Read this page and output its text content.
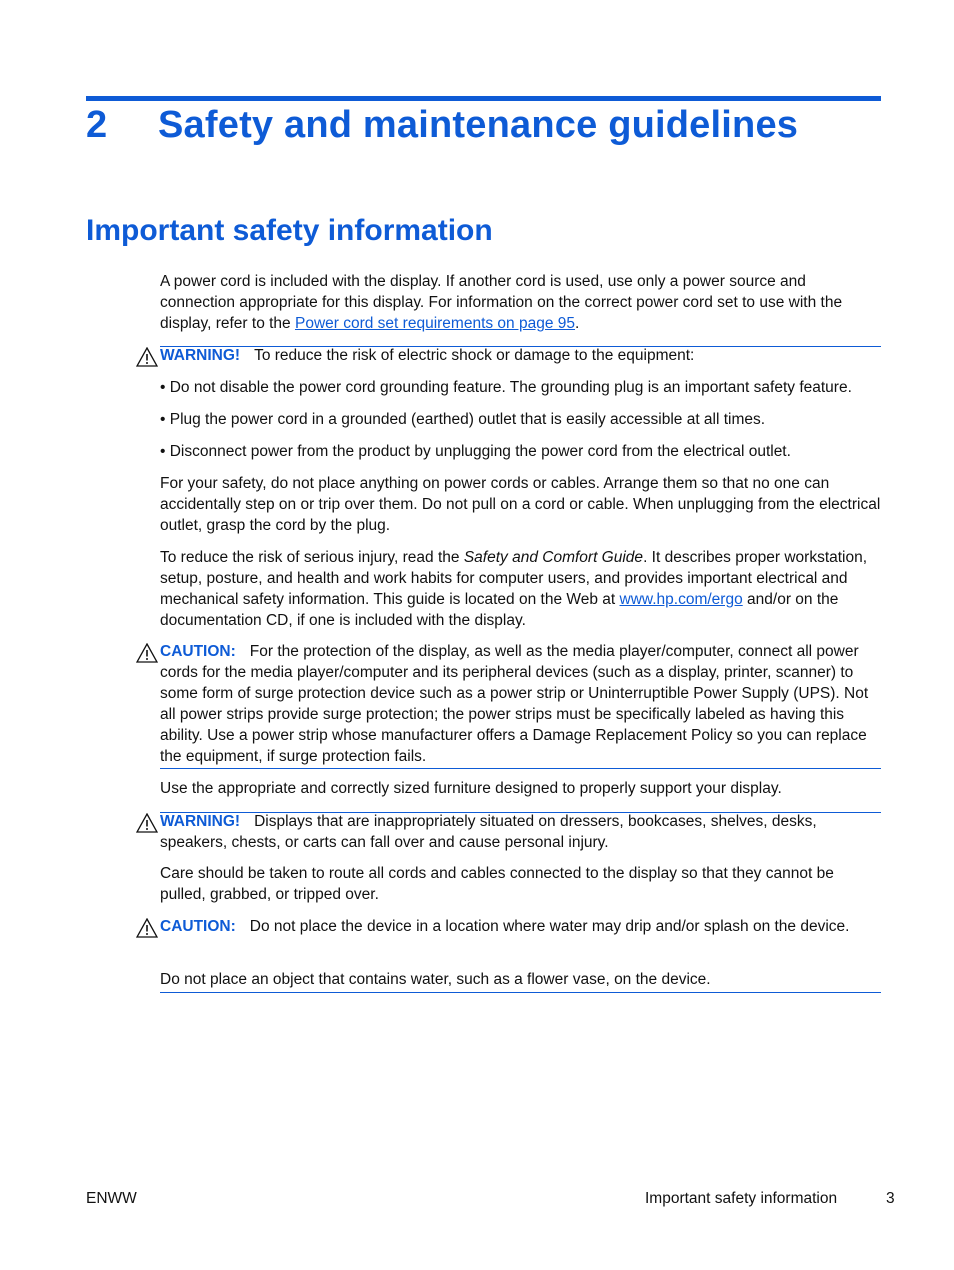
2 Safety and maintenance guidelines
Important safety information

A power cord is included with the display. If another cord is used, use only a power source and connection appropriate for this display. For information on the correct power cord set to use with the display, refer to the Power cord set requirements on page 95.

WARNING! To reduce the risk of electric shock or damage to the equipment:

• Do not disable the power cord grounding feature. The grounding plug is an important safety feature.

• Plug the power cord in a grounded (earthed) outlet that is easily accessible at all times.

• Disconnect power from the product by unplugging the power cord from the electrical outlet.

For your safety, do not place anything on power cords or cables. Arrange them so that no one can accidentally step on or trip over them. Do not pull on a cord or cable. When unplugging from the electrical outlet, grasp the cord by the plug.

To reduce the risk of serious injury, read the Safety and Comfort Guide. It describes proper workstation, setup, posture, and health and work habits for computer users, and provides important electrical and mechanical safety information. This guide is located on the Web at www.hp.com/ergo and/or on the documentation CD, if one is included with the display.

CAUTION: For the protection of the display, as well as the media player/computer, connect all power cords for the media player/computer and its peripheral devices (such as a display, printer, scanner) to some form of surge protection device such as a power strip or Uninterruptible Power Supply (UPS). Not all power strips provide surge protection; the power strips must be specifically labeled as having this ability. Use a power strip whose manufacturer offers a Damage Replacement Policy so you can replace the equipment, if surge protection fails.

Use the appropriate and correctly sized furniture designed to properly support your display.

WARNING! Displays that are inappropriately situated on dressers, bookcases, shelves, desks, speakers, chests, or carts can fall over and cause personal injury.

Care should be taken to route all cords and cables connected to the display so that they cannot be pulled, grabbed, or tripped over.

CAUTION: Do not place the device in a location where water may drip and/or splash on the device.

Do not place an object that contains water, such as a flower vase, on the device.

ENWW	Important safety information	3
